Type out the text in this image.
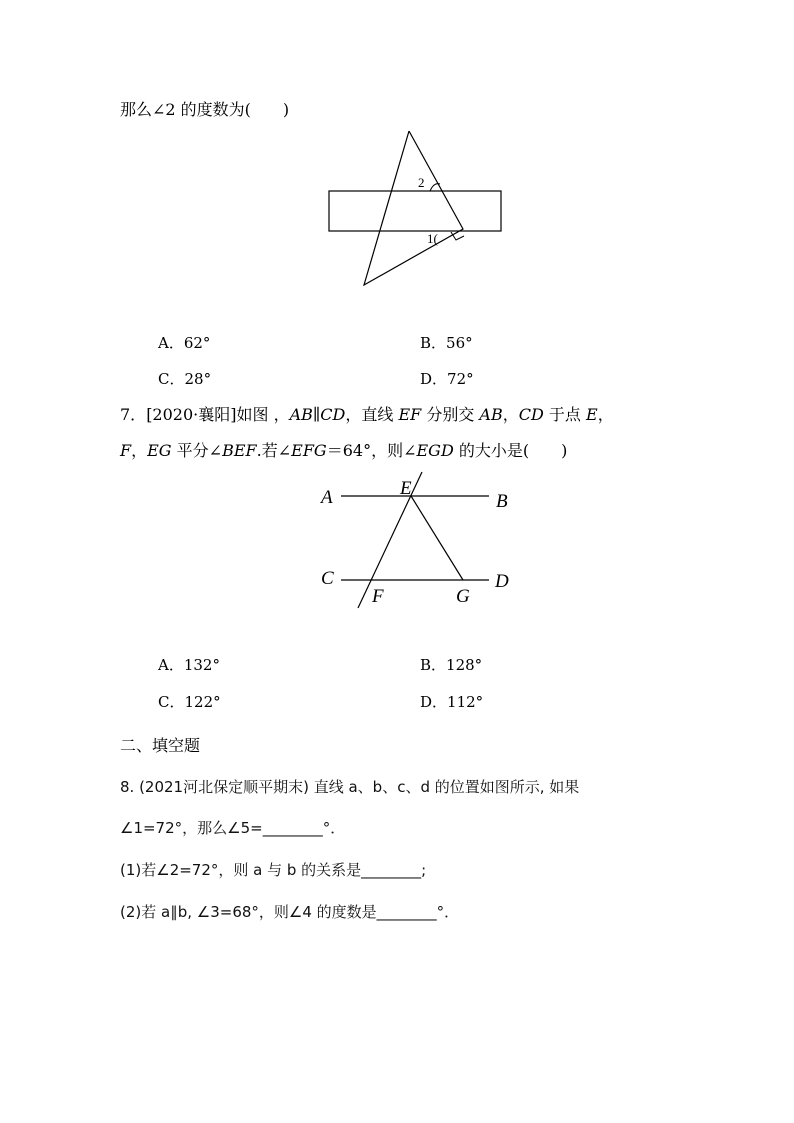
那么∠2 的度数为(　　)
2
1(
A．62°	B．56°
C．28°	D．72°
7．[2020·襄阳]如图 ，AB∥CD，直线 EF 分别交 AB，CD 于点 E，
F，EG 平分∠BEF.若∠EFG＝64°，则∠EGD 的大小是(　　)
A	B
C	D
E
F	G
A．132°	B．128°
C．122°	D．112°
二、填空题
8. (2021河北保定顺平期末) 直线 a、b、c、d 的位置如图所示, 如果
∠1=72°，那么∠5=________°．
(1)若∠2=72°，则 a 与 b 的关系是________;
(2)若 a∥b, ∠3=68°，则∠4 的度数是________°．
